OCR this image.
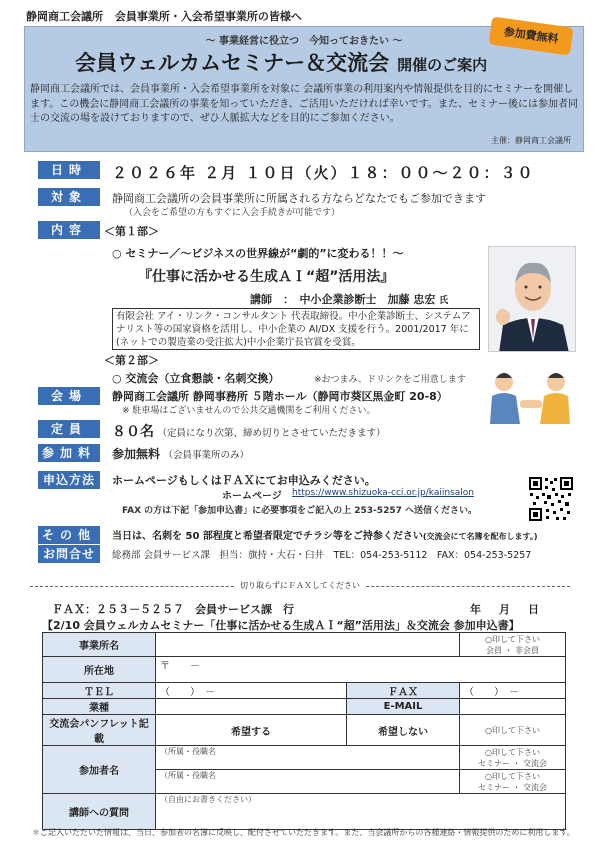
静岡商工会議所 会員事業所・入会希望事業所の皆様へ
～ 事業経営に役立つ　今知っておきたい ～
会員ウェルカムセミナー＆交流会 開催のご案内
静岡商工会議所では、会員事業所・入会希望事業所を対象に 会議所事業の利用案内や情報提供を目的にセミナーを開催します。この機会に静岡商工会議所の事業を知っていただき、ご活用いただければ幸いです。また、セミナー後には参加者同士の交流の場を設けておりますので、ぜひ人脈拡大などを目的にご参加ください。
主催：静岡商工会議所
参加費無料
日時	２０２６年 ２月 １０日（火）１８：００～２０：３０
対象	静岡商工会議所の会員事業所に所属される方ならどなたでもご参加できます
（入会をご希望の方もすぐに入会手続きが可能です）
内容	＜第１部＞
○ セミナー／～ビジネスの世界線が“劇的”に変わる！！～
『仕事に活かせる生成ＡＩ“超”活用法』
講師　：　中小企業診断士　加藤 忠宏 氏
有限会社 アイ・リンク・コンサルタント 代表取締役。中小企業診断士、システムアナリスト等の国家資格を活用し、中小企業の AI/DX 支援を行う。2001/2017 年に(ネットでの製造業の受注拡大)中小企業庁長官賞を受賞。
＜第２部＞
○ 交流会（立食懇談・名刺交換）	※おつまみ、ドリンクをご用意します
会場	静岡商工会議所 静岡事務所 ５階ホール（静岡市葵区黒金町 20-8）
※ 駐車場はございませんので公共交通機関をご利用ください。
定員	８０名 （定員になり次第、締め切りとさせていただきます）
参加料	参加無料 （会員事業所のみ）
申込方法	ホームページもしくはＦＡＸにてお申込みください。
ホームページ https://www.shizuoka-cci.or.jp/kaiinsalon
FAX の方は下記「参加申込書」に必要事項をご記入の上 253-5257 へ送信ください。
その他	当日は、名刺を 50 部程度と希望者限定でチラシ等をご持参ください(交流会にて名簿を配布します。)
お問合せ	総務部 会員サービス課　担当：旗持・大石・臼井　TEL：054-253-5112　FAX：054-253-5257
切り取らずにＦＡＸしてください
ＦＡＸ：２５３－５２５７　会員サービス課　行	年月日
【2/10 会員ウェルカムセミナー「仕事に活かせる生成ＡＩ“超”活用法」＆交流会 参加申込書】
事業所名			○印して下さい
会員 ・ 非会員

所在地	〒　　－		
ＴＥＬ	（　　）　－	ＦＡＸ	（　　）　－
業種		E-MAIL	
交流会パンフレット記載	希望する	希望しない	○印して下さい
参加者名	（所属・役職名		○印して下さい
セミナー ・ 交流会

	（所属・役職名		○印して下さい
セミナー ・ 交流会

講師への質問	（自由にお書きください）		
＊ご記入いただいた情報は、当日、参加者の名簿に反映し、配付させていただきます。また、当会議所からの各種連絡・情報提供のために利用します。
